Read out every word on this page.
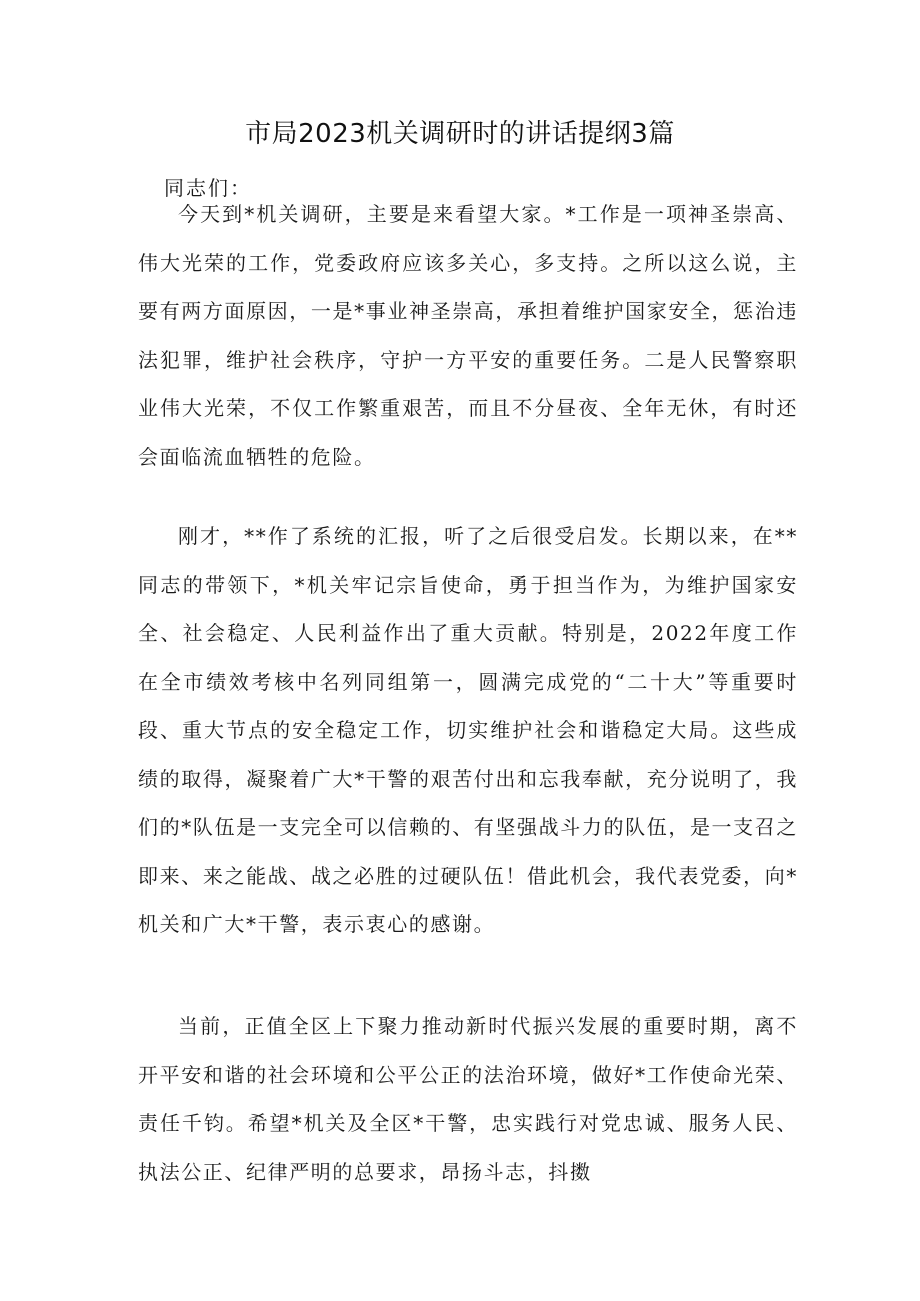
市局2023机关调研时的讲话提纲3篇
同志们：

今天到*机关调研，主要是来看望大家。*工作是一项神圣崇高、伟大光荣的工作，党委政府应该多关心，多支持。之所以这么说，主要有两方面原因，一是*事业神圣崇高，承担着维护国家安全，惩治违法犯罪，维护社会秩序，守护一方平安的重要任务。二是人民警察职业伟大光荣，不仅工作繁重艰苦，而且不分昼夜、全年无休，有时还会面临流血牺牲的危险。

刚才，**作了系统的汇报，听了之后很受启发。长期以来，在**同志的带领下，*机关牢记宗旨使命，勇于担当作为，为维护国家安全、社会稳定、人民利益作出了重大贡献。特别是，2022年度工作在全市绩效考核中名列同组第一，圆满完成党的“二十大”等重要时段、重大节点的安全稳定工作，切实维护社会和谐稳定大局。这些成绩的取得，凝聚着广大*干警的艰苦付出和忘我奉献，充分说明了，我们的*队伍是一支完全可以信赖的、有坚强战斗力的队伍，是一支召之即来、来之能战、战之必胜的过硬队伍！借此机会，我代表党委，向*机关和广大*干警，表示衷心的感谢。

当前，正值全区上下聚力推动新时代振兴发展的重要时期，离不开平安和谐的社会环境和公平公正的法治环境，做好*工作使命光荣、责任千钧。希望*机关及全区*干警，忠实践行对党忠诚、服务人民、执法公正、纪律严明的总要求，昂扬斗志，抖擞
